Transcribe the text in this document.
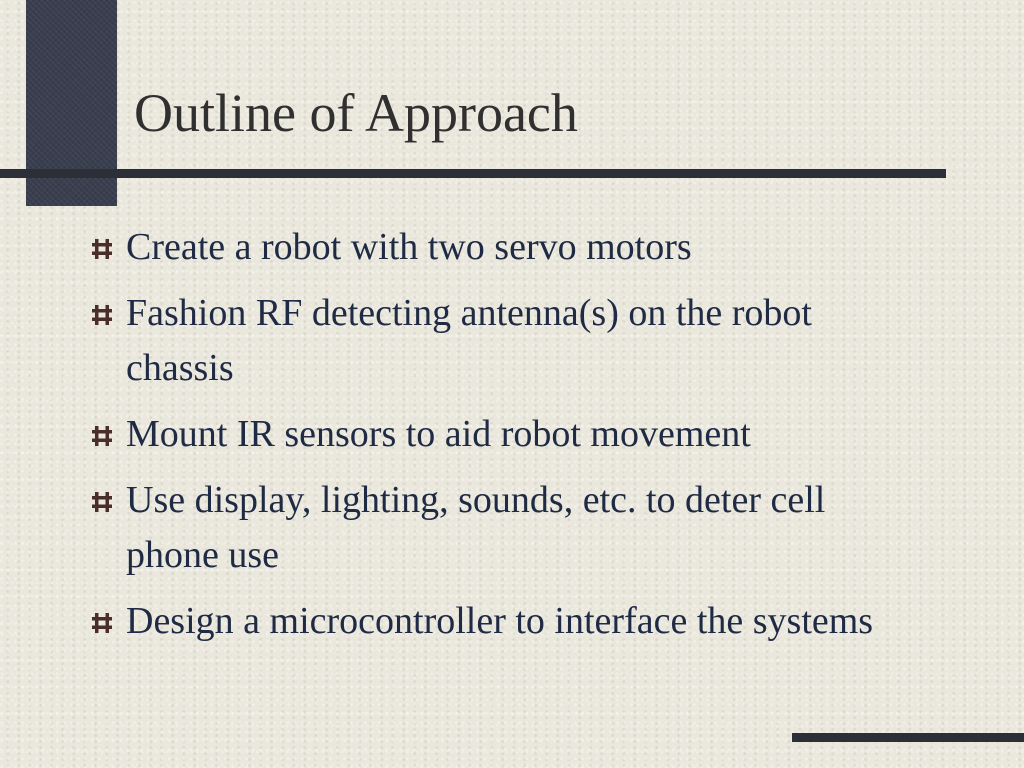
Outline of Approach
Create a robot with two servo motors
Fashion RF detecting antenna(s) on the robot chassis
Mount IR sensors to aid robot movement
Use display, lighting, sounds, etc. to deter cell phone use
Design a microcontroller to interface the systems
